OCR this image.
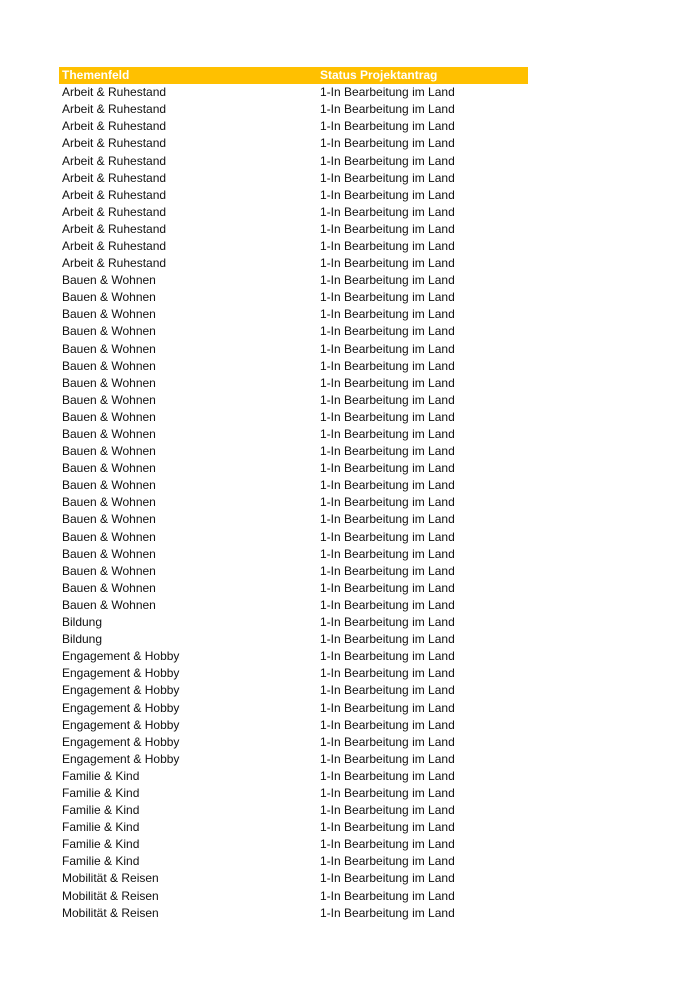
Themenfeld	Status Projektantrag
Arbeit & Ruhestand	1-In Bearbeitung im Land
Arbeit & Ruhestand	1-In Bearbeitung im Land
Arbeit & Ruhestand	1-In Bearbeitung im Land
Arbeit & Ruhestand	1-In Bearbeitung im Land
Arbeit & Ruhestand	1-In Bearbeitung im Land
Arbeit & Ruhestand	1-In Bearbeitung im Land
Arbeit & Ruhestand	1-In Bearbeitung im Land
Arbeit & Ruhestand	1-In Bearbeitung im Land
Arbeit & Ruhestand	1-In Bearbeitung im Land
Arbeit & Ruhestand	1-In Bearbeitung im Land
Arbeit & Ruhestand	1-In Bearbeitung im Land
Bauen & Wohnen	1-In Bearbeitung im Land
Bauen & Wohnen	1-In Bearbeitung im Land
Bauen & Wohnen	1-In Bearbeitung im Land
Bauen & Wohnen	1-In Bearbeitung im Land
Bauen & Wohnen	1-In Bearbeitung im Land
Bauen & Wohnen	1-In Bearbeitung im Land
Bauen & Wohnen	1-In Bearbeitung im Land
Bauen & Wohnen	1-In Bearbeitung im Land
Bauen & Wohnen	1-In Bearbeitung im Land
Bauen & Wohnen	1-In Bearbeitung im Land
Bauen & Wohnen	1-In Bearbeitung im Land
Bauen & Wohnen	1-In Bearbeitung im Land
Bauen & Wohnen	1-In Bearbeitung im Land
Bauen & Wohnen	1-In Bearbeitung im Land
Bauen & Wohnen	1-In Bearbeitung im Land
Bauen & Wohnen	1-In Bearbeitung im Land
Bauen & Wohnen	1-In Bearbeitung im Land
Bauen & Wohnen	1-In Bearbeitung im Land
Bauen & Wohnen	1-In Bearbeitung im Land
Bauen & Wohnen	1-In Bearbeitung im Land
Bildung	1-In Bearbeitung im Land
Bildung	1-In Bearbeitung im Land
Engagement & Hobby	1-In Bearbeitung im Land
Engagement & Hobby	1-In Bearbeitung im Land
Engagement & Hobby	1-In Bearbeitung im Land
Engagement & Hobby	1-In Bearbeitung im Land
Engagement & Hobby	1-In Bearbeitung im Land
Engagement & Hobby	1-In Bearbeitung im Land
Engagement & Hobby	1-In Bearbeitung im Land
Familie & Kind	1-In Bearbeitung im Land
Familie & Kind	1-In Bearbeitung im Land
Familie & Kind	1-In Bearbeitung im Land
Familie & Kind	1-In Bearbeitung im Land
Familie & Kind	1-In Bearbeitung im Land
Familie & Kind	1-In Bearbeitung im Land
Mobilität & Reisen	1-In Bearbeitung im Land
Mobilität & Reisen	1-In Bearbeitung im Land
Mobilität & Reisen	1-In Bearbeitung im Land
